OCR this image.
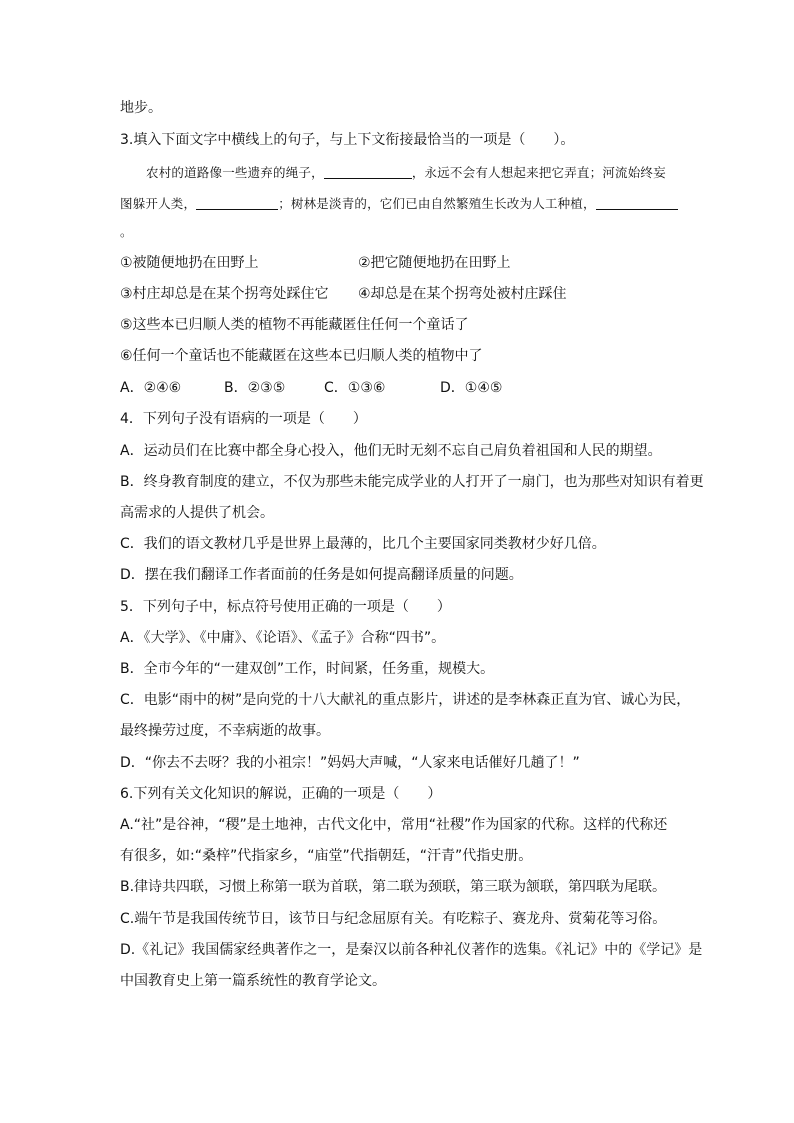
地步。
3.填入下面文字中横线上的句子，与上下文衔接最恰当的一项是（　　）。
农村的道路像一些遗弃的绳子，	，永远不会有人想起来把它弄直；河流始终妄
图躲开人类，	；树林是淡青的，它们已由自然繁殖生长改为人工种植，
。
①被随便地扔在田野上	②把它随便地扔在田野上
③村庄却总是在某个拐弯处踩住它 ④却总是在某个拐弯处被村庄踩住
⑤这些本已归顺人类的植物不再能藏匿住任何一个童话了
⑥任何一个童话也不能藏匿在这些本已归顺人类的植物中了
A．②④⑥	B．②③⑤	C．①③⑥	D．①④⑤
4．下列句子没有语病的一项是（　　）
A．运动员们在比赛中都全身心投入，他们无时无刻不忘自己肩负着祖国和人民的期望。
B．终身教育制度的建立，不仅为那些未能完成学业的人打开了一扇门，也为那些对知识有着更
高需求的人提供了机会。
C．我们的语文教材几乎是世界上最薄的，比几个主要国家同类教材少好几倍。
D．摆在我们翻译工作者面前的任务是如何提高翻译质量的问题。
5．下列句子中，标点符号使用正确的一项是（　　）
A．《大学》、《中庸》、《论语》、《孟子》合称“四书”。
B．全市今年的“一建双创”工作，时间紧，任务重，规模大。
C．电影“雨中的树”是向党的十八大献礼的重点影片，讲述的是李林森正直为官、诚心为民，
最终操劳过度，不幸病逝的故事。
D．“你去不去呀？我的小祖宗！”妈妈大声喊，“人家来电话催好几趟了！”
6.下列有关文化知识的解说，正确的一项是（　　）
A.“社”是谷神，“稷”是土地神，古代文化中，常用“社稷”作为国家的代称。这样的代称还
有很多，如:“桑梓”代指家乡，“庙堂”代指朝廷，“汗青”代指史册。
B.律诗共四联，习惯上称第一联为首联，第二联为颈联，第三联为颔联，第四联为尾联。
C.端午节是我国传统节日，该节日与纪念屈原有关。有吃粽子、赛龙舟、赏菊花等习俗。
D.《礼记》我国儒家经典著作之一，是秦汉以前各种礼仪著作的选集。《礼记》中的《学记》是
中国教育史上第一篇系统性的教育学论文。
